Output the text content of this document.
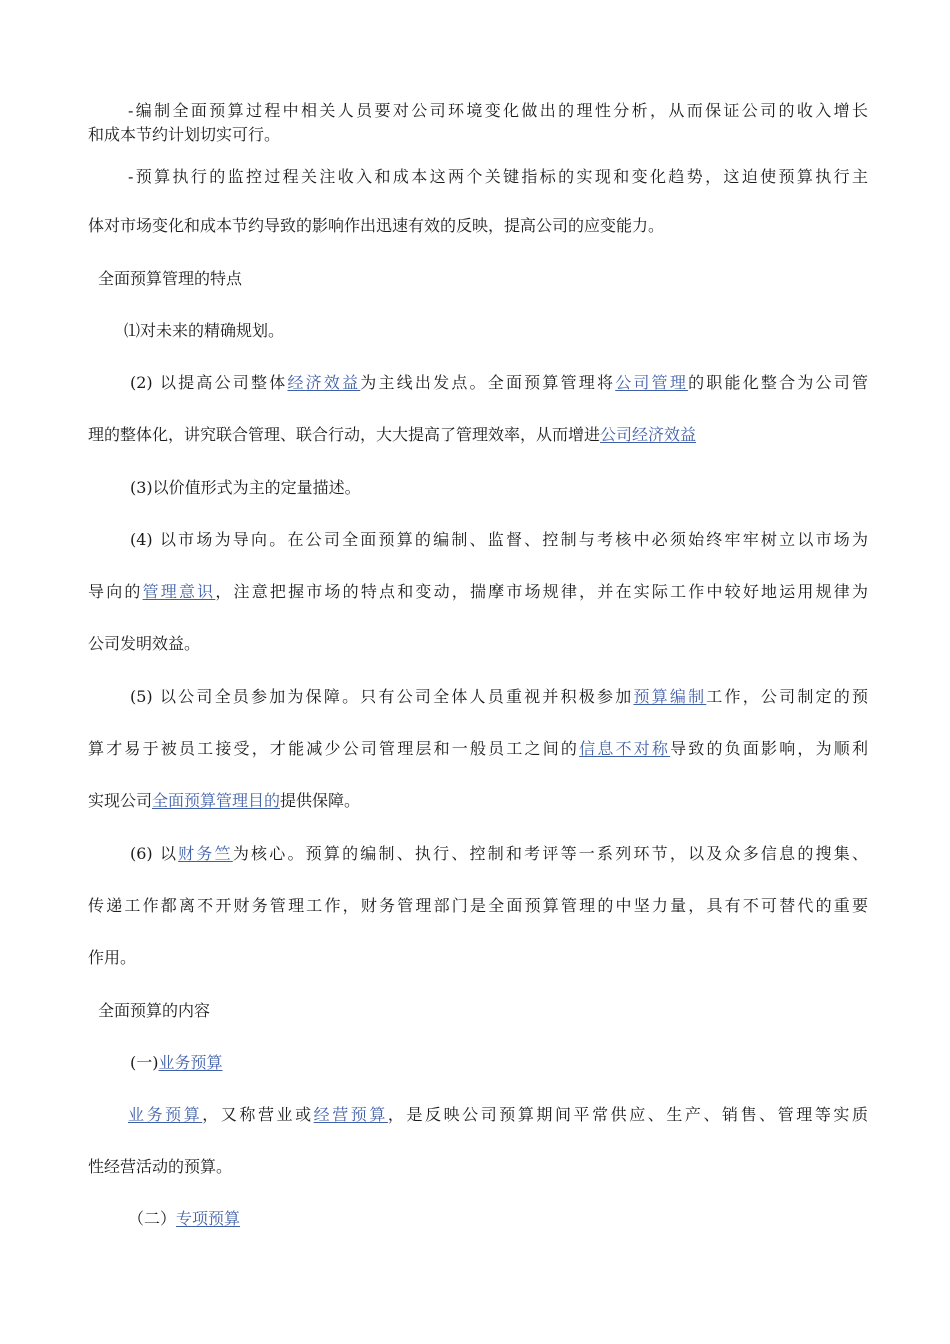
-编制全面预算过程中相关人员要对公司环境变化做出的理性分析，从而保证公司的收入增长
和成本节约计划切实可行。
-预算执行的监控过程关注收入和成本这两个关键指标的实现和变化趋势，这迫使预算执行主
体对市场变化和成本节约导致的影响作出迅速有效的反映，提高公司的应变能力。
全面预算管理的特点
⑴对未来的精确规划。
(2) 以提高公司整体经济效益为主线出发点。全面预算管理将公司管理的职能化整合为公司管
理的整体化，讲究联合管理、联合行动，大大提高了管理效率，从而增进公司经济效益
(3)以价值形式为主的定量描述。
(4) 以市场为导向。在公司全面预算的编制、监督、控制与考核中必须始终牢牢树立以市场为
导向的管理意识，注意把握市场的特点和变动，揣摩市场规律，并在实际工作中较好地运用规律为
公司发明效益。
(5) 以公司全员参加为保障。只有公司全体人员重视并积极参加预算编制工作，公司制定的预
算才易于被员工接受，才能减少公司管理层和一般员工之间的信息不对称导致的负面影响，为顺利
实现公司全面预算管理目的提供保障。
(6) 以财务竺为核心。预算的编制、执行、控制和考评等一系列环节，以及众多信息的搜集、
传递工作都离不开财务管理工作，财务管理部门是全面预算管理的中坚力量，具有不可替代的重要
作用。
全面预算的内容
(一)业务预算
业务预算，又称营业或经营预算，是反映公司预算期间平常供应、生产、销售、管理等实质
性经营活动的预算。
（二）专项预算
